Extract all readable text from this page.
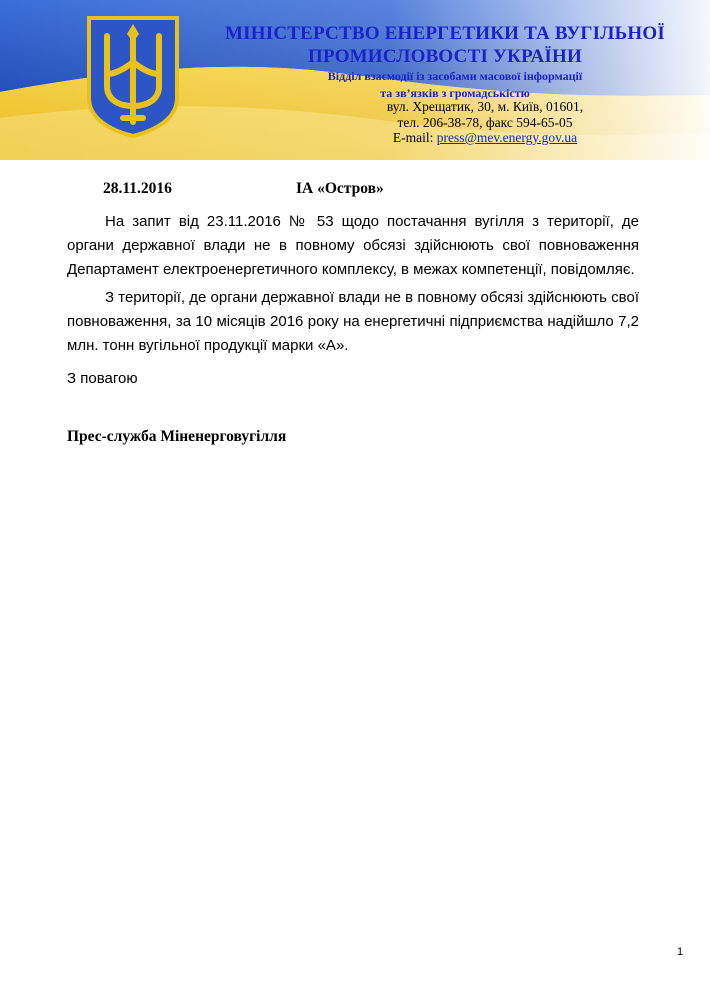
МІНІСТЕРСТВО ЕНЕРГЕТИКИ ТА ВУГІЛЬНОЇ
ПРОМИСЛОВОСТІ УКРАЇНИ
Відділ взаємодії із засобами масової інформації
та зв’язків з громадськістю
вул. Хрещатик, 30, м. Київ, 01601,
тел. 206-38-78, факс 594-65-05
E-mail: press@mev.energy.gov.ua
28.11.2016	ІА «Остров»

На запит від 23.11.2016 № 53 щодо постачання вугілля з території, де органи державної влади не в повному обсязі здійснюють свої повноваження Департамент електроенергетичного комплексу, в межах компетенції, повідомляє.

З території, де органи державної влади не в повному обсязі здійснюють свої повноваження, за 10 місяців 2016 року на енергетичні підприємства надійшло 7,2 млн. тонн вугільної продукції марки «А».

З повагою
Прес-служба Міненерговугілля
1
